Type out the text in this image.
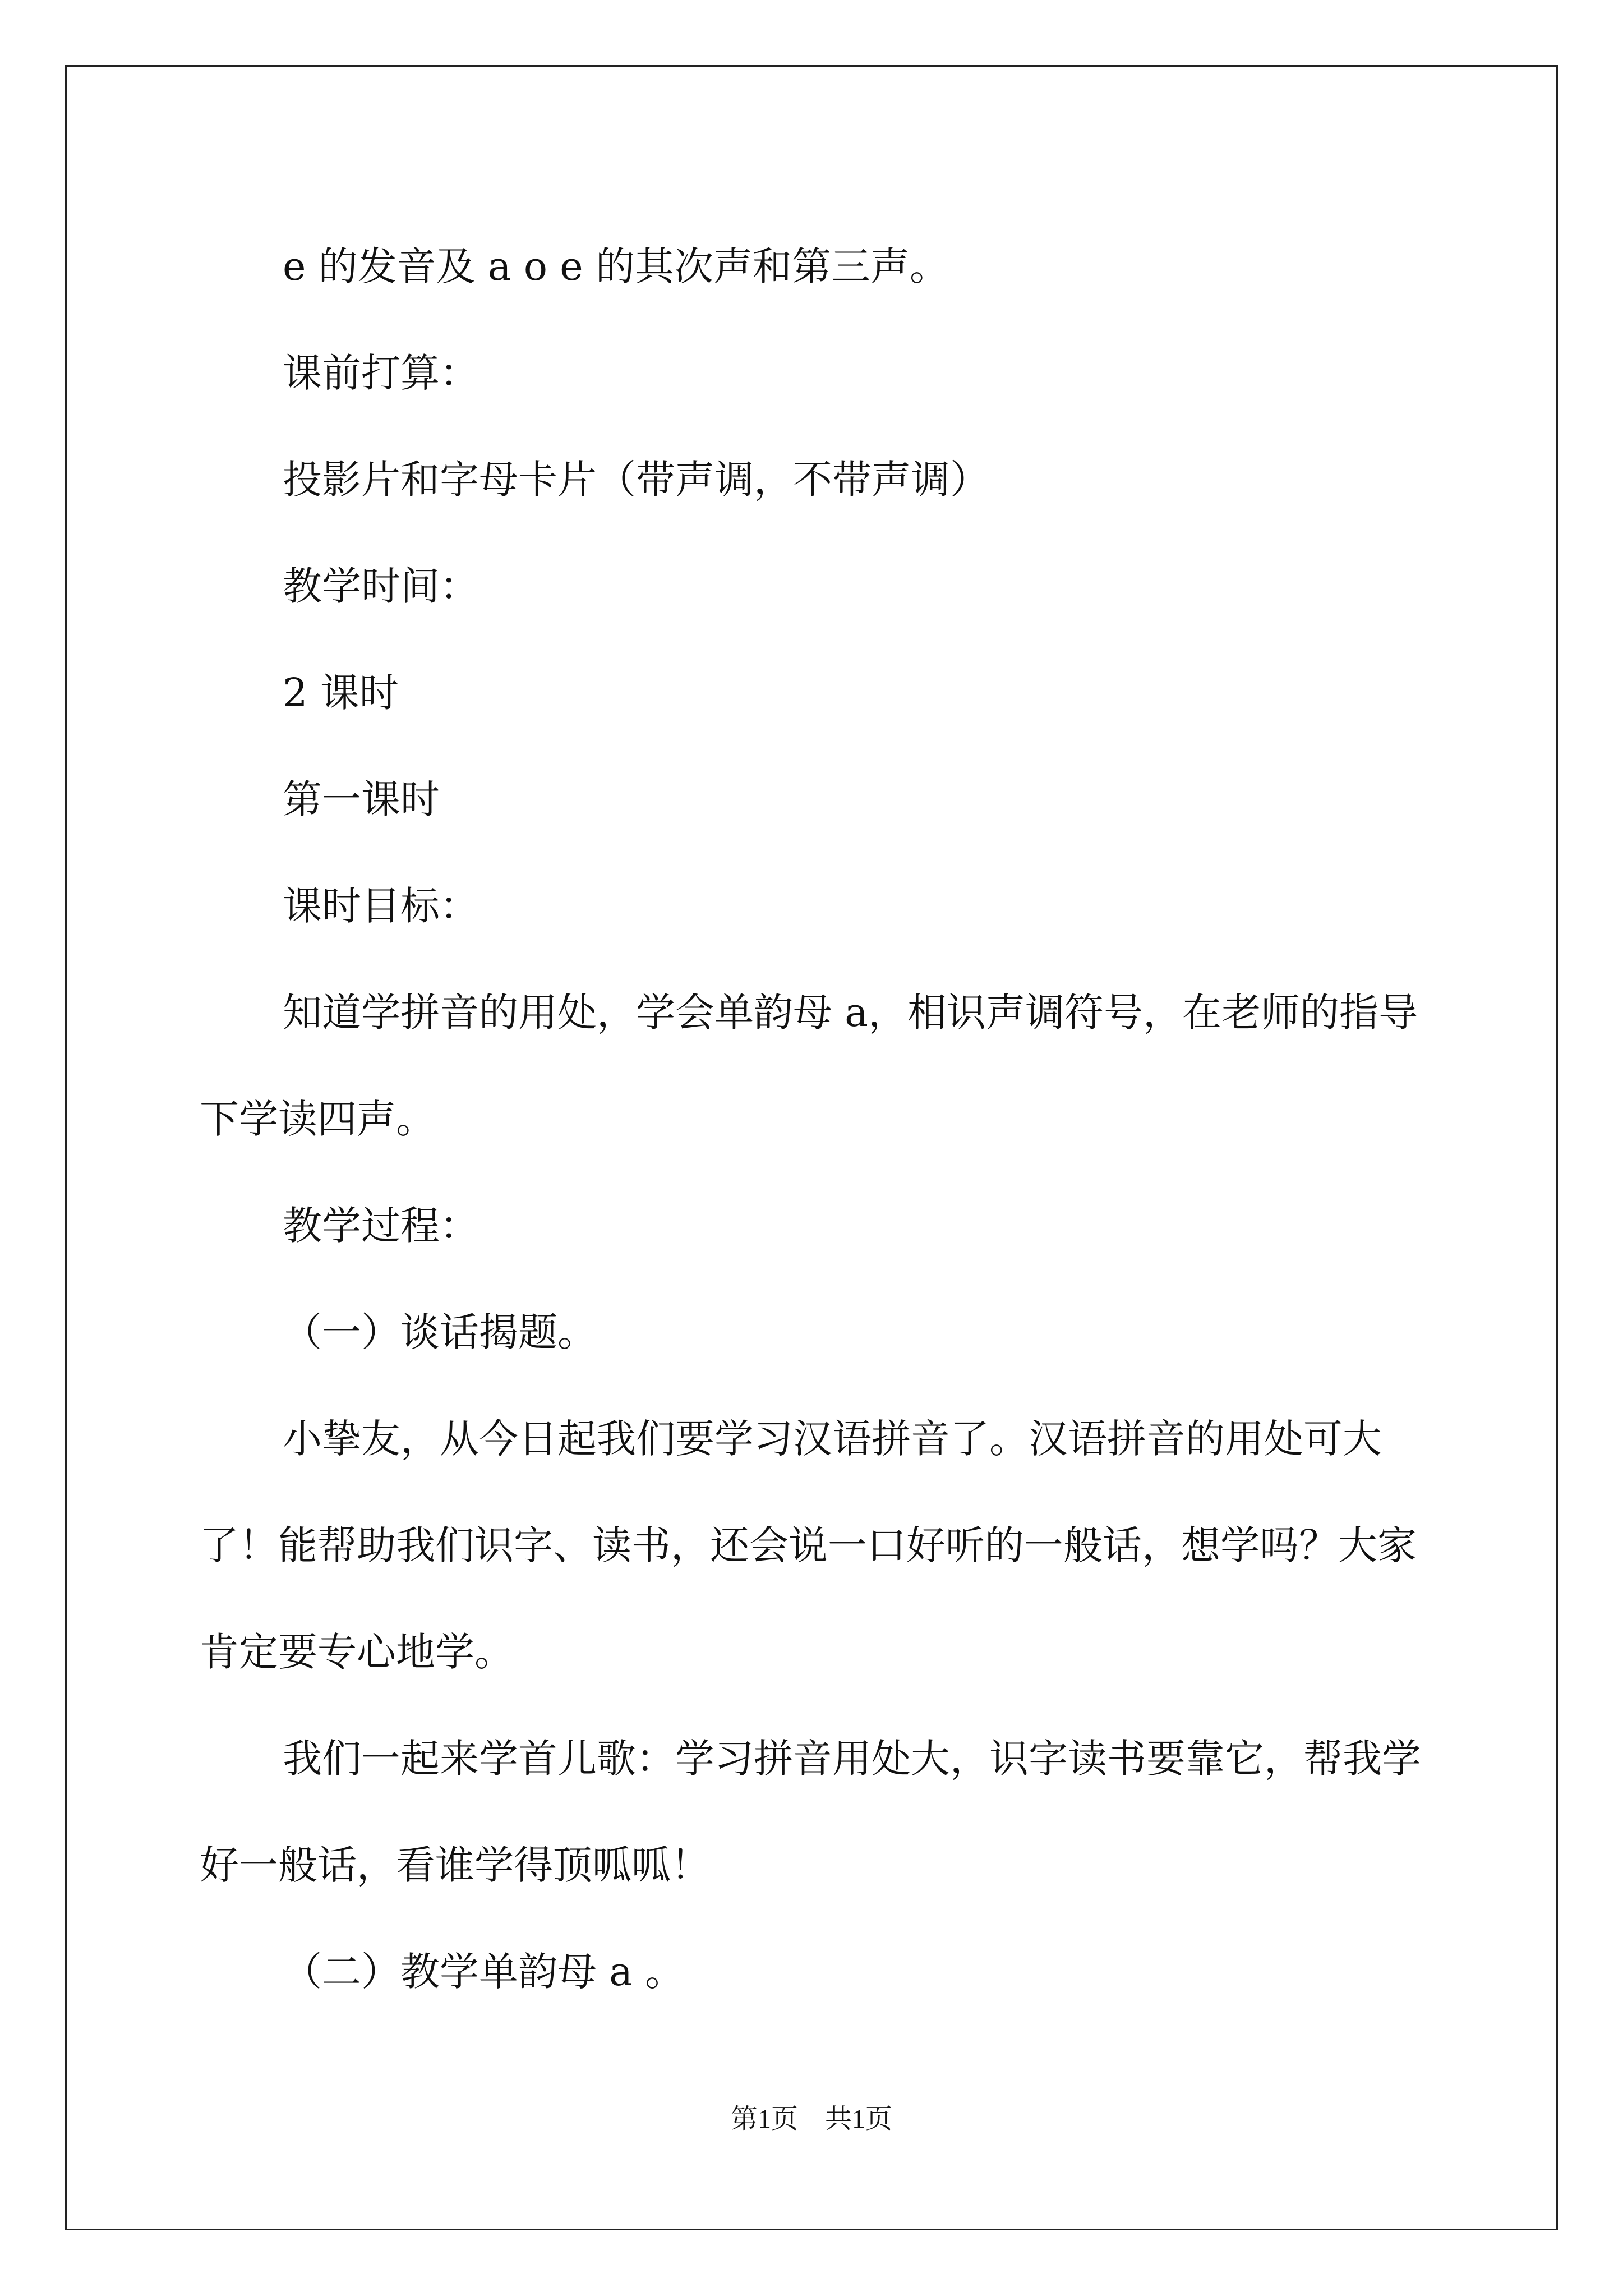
e 的发音及 a o e 的其次声和第三声。

课前打算：

投影片和字母卡片（带声调，不带声调）

教学时间：

2 课时

第一课时

课时目标：

知道学拼音的用处，学会单韵母 a，相识声调符号，在老师的指导下学读四声。

教学过程：

（一）谈话揭题。

小挚友，从今日起我们要学习汉语拼音了。汉语拼音的用处可大了！能帮助我们识字、读书，还会说一口好听的一般话，想学吗？大家肯定要专心地学。

我们一起来学首儿歌：学习拼音用处大，识字读书要靠它，帮我学好一般话，看谁学得顶呱呱！

（二）教学单韵母 a 。

第1页　共1页
